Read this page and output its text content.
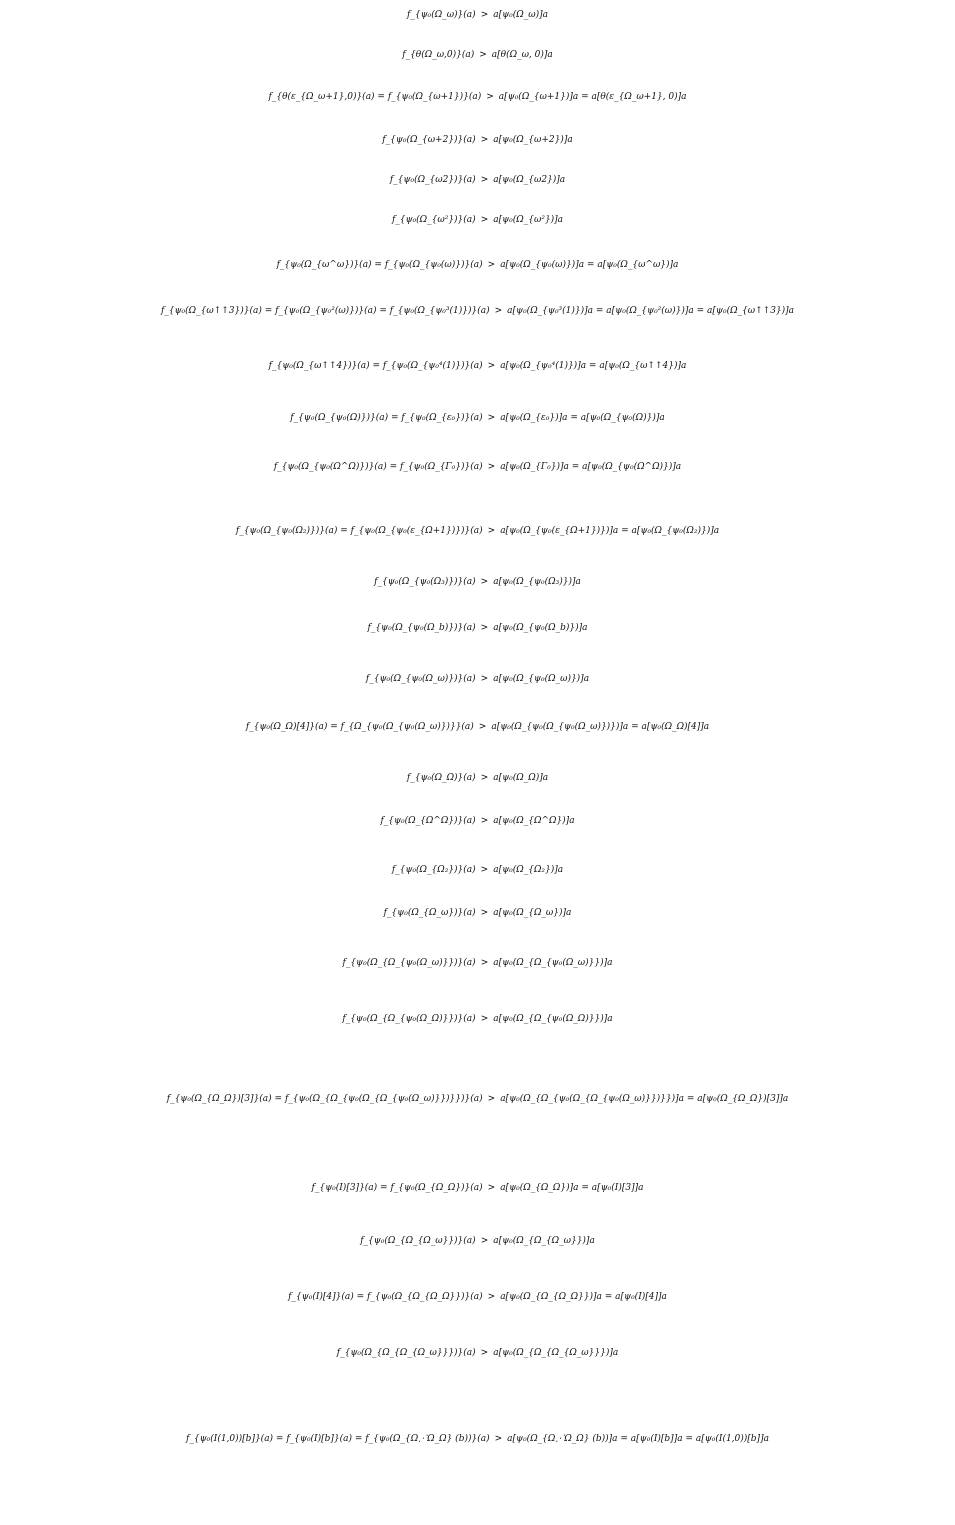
f_{ψ₀(Ω_ω)}(a) > a[ψ₀(Ω_ω)]a
f_{θ(Ω_ω,0)}(a) > a[θ(Ω_ω, 0)]a
f_{θ(ε_{Ω_ω+1},0)}(a) = f_{ψ₀(Ω_{ω+1})}(a) > a[ψ₀(Ω_{ω+1})]a = a[θ(ε_{Ω_ω+1}, 0)]a
f_{ψ₀(Ω_{ω+2})}(a) > a[ψ₀(Ω_{ω+2})]a
f_{ψ₀(Ω_{ω2})}(a) > a[ψ₀(Ω_{ω2})]a
f_{ψ₀(Ω_{ω²})}(a) > a[ψ₀(Ω_{ω²})]a
f_{ψ₀(Ω_{ω^ω})}(a) = f_{ψ₀(Ω_{ψ₀(ω)})}(a) > a[ψ₀(Ω_{ψ₀(ω)})]a = a[ψ₀(Ω_{ω^ω})]a
f_{ψ₀(Ω_{ω↑↑3})}(a) = f_{ψ₀(Ω_{ψ₀²(ω)})}(a) = f_{ψ₀(Ω_{ψ₀³(1)})}(a) > a[ψ₀(Ω_{ψ₀³(1)})]a = a[ψ₀(Ω_{ψ₀²(ω)})]a = a[ψ₀(Ω_{ω↑↑3})]a
f_{ψ₀(Ω_{ω↑↑4})}(a) = f_{ψ₀(Ω_{ψ₀⁴(1)})}(a) > a[ψ₀(Ω_{ψ₀⁴(1)})]a = a[ψ₀(Ω_{ω↑↑4})]a
f_{ψ₀(Ω_{ψ₀(Ω)})}(a) = f_{ψ₀(Ω_{ε₀})}(a) > a[ψ₀(Ω_{ε₀})]a = a[ψ₀(Ω_{ψ₀(Ω)})]a
f_{ψ₀(Ω_{ψ₀(Ω^Ω)})}(a) = f_{ψ₀(Ω_{Γ₀})}(a) > a[ψ₀(Ω_{Γ₀})]a = a[ψ₀(Ω_{ψ₀(Ω^Ω)})]a
f_{ψ₀(Ω_{ψ₀(Ω₂)})}(a) = f_{ψ₀(Ω_{ψ₀(ε_{Ω+1})})}(a) > a[ψ₀(Ω_{ψ₀(ε_{Ω+1})})]a = a[ψ₀(Ω_{ψ₀(Ω₂)})]a
f_{ψ₀(Ω_{ψ₀(Ω₃)})}(a) > a[ψ₀(Ω_{ψ₀(Ω₃)})]a
f_{ψ₀(Ω_{ψ₀(Ω_b)})}(a) > a[ψ₀(Ω_{ψ₀(Ω_b)})]a
f_{ψ₀(Ω_{ψ₀(Ω_ω)})}(a) > a[ψ₀(Ω_{ψ₀(Ω_ω)})]a
f_{ψ₀(Ω_Ω)[4]}(a) = f_{Ω_{ψ₀(Ω_{ψ₀(Ω_ω)})}}(a) > a[ψ₀(Ω_{ψ₀(Ω_{ψ₀(Ω_ω)})})]a = a[ψ₀(Ω_Ω)[4]]a
f_{ψ₀(Ω_Ω)}(a) > a[ψ₀(Ω_Ω)]a
f_{ψ₀(Ω_{Ω^Ω})}(a) > a[ψ₀(Ω_{Ω^Ω})]a
f_{ψ₀(Ω_{Ω₂})}(a) > a[ψ₀(Ω_{Ω₂})]a
f_{ψ₀(Ω_{Ω_ω})}(a) > a[ψ₀(Ω_{Ω_ω})]a
f_{ψ₀(Ω_{Ω_{ψ₀(Ω_ω)}})}(a) > a[ψ₀(Ω_{Ω_{ψ₀(Ω_ω)}})]a
f_{ψ₀(Ω_{Ω_{ψ₀(Ω_Ω)}})}(a) > a[ψ₀(Ω_{Ω_{ψ₀(Ω_Ω)}})]a
f_{ψ₀(Ω_{Ω_Ω})[3]}(a) = f_{ψ₀(Ω_{Ω_{ψ₀(Ω_{Ω_{ψ₀(Ω_ω)}})}})}(a) > a[ψ₀(Ω_{Ω_{ψ₀(Ω_{Ω_{ψ₀(Ω_ω)}})}})]a = a[ψ₀(Ω_{Ω_Ω})[3]]a
f_{ψ₀(I)[3]}(a) = f_{ψ₀(Ω_{Ω_Ω})}(a) > a[ψ₀(Ω_{Ω_Ω})]a = a[ψ₀(I)[3]]a
f_{ψ₀(Ω_{Ω_{Ω_ω}})}(a) > a[ψ₀(Ω_{Ω_{Ω_ω}})]a
f_{ψ₀(I)[4]}(a) = f_{ψ₀(Ω_{Ω_{Ω_Ω}})}(a) > a[ψ₀(Ω_{Ω_{Ω_Ω}})]a = a[ψ₀(I)[4]]a
f_{ψ₀(Ω_{Ω_{Ω_{Ω_ω}}})}(a) > a[ψ₀(Ω_{Ω_{Ω_{Ω_ω}}})]a
f_{ψ₀(I(1,0))[b]}(a) = f_{ψ₀(I)[b]}(a) = f_{ψ₀(Ω_{Ω⋰Ω_Ω} (b))}(a) > a[ψ₀(Ω_{Ω⋰Ω_Ω} (b))]a = a[ψ₀(I)[b]]a = a[ψ₀(I(1,0))[b]]a
